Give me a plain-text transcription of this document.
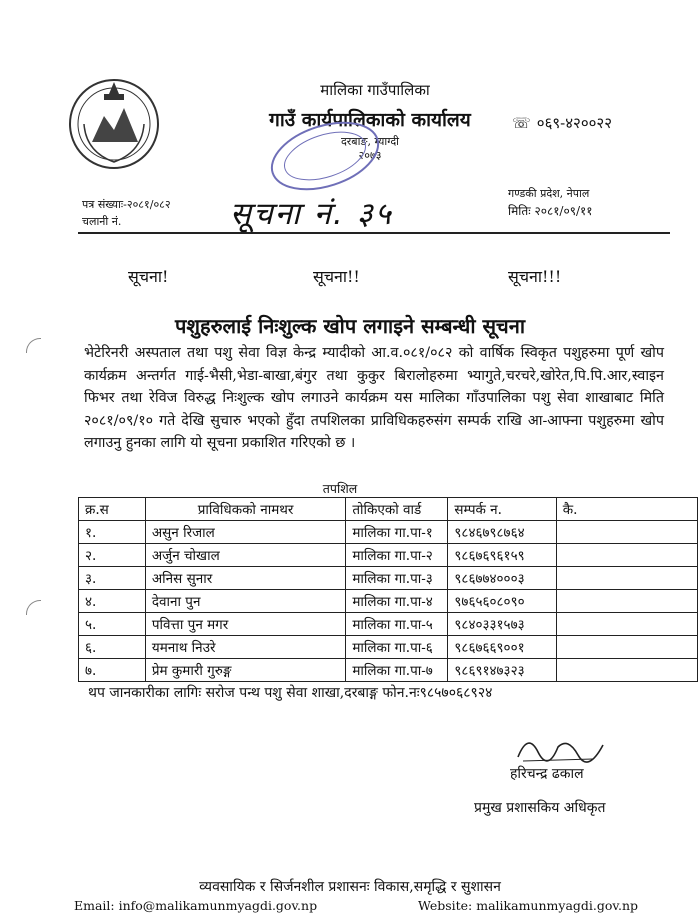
मालिका गाउँपालिका
गाउँ कार्यपालिकाको कार्यालय
दरबाङ, म्याग्दी
२०७३
☏ ०६९-४२००२२
पत्र संख्याः-२०८१/०८२
चलानी नं.	सूचना नं. ३५
गण्डकी प्रदेश, नेपाल
मितिः २०८१/०९/११
सूचना!	सूचना!!	सूचना!!!
पशुहरुलाई निःशुल्क खोप लगाइने सम्बन्धी सूचना
भेटेरिनरी अस्पताल तथा पशु सेवा विज्ञ केन्द्र म्यादीको आ.व.०८१/०८२ को वार्षिक स्विकृत पशुहरुमा पूर्ण खोप कार्यक्रम अन्तर्गत गाई-भैसी,भेडा-बाखा,बंगुर तथा कुकुर बिरालोहरुमा भ्यागुते,चरचरे,खोरेत,पि.पि.आर,स्वाइन फिभर तथा रेविज विरुद्ध निःशुल्क खोप लगाउने कार्यक्रम यस मालिका गाँउपालिका पशु सेवा शाखाबाट मिति २०८१/०९/१० गते देखि सुचारु भएको हुँदा तपशिलका प्राविधिकहरुसंग सम्पर्क राखि आ-आफ्ना पशुहरुमा खोप लगाउनु हुनका लागि यो सूचना प्रकाशित गरिएको छ ।
तपशिल
क्र.स	प्राविधिकको नामथर	तोकिएको वार्ड	सम्पर्क न.	कै.
१.	असुन रिजाल	मालिका गा.पा-१	९८४६७९८७६४	
२.	अर्जुन चोखाल	मालिका गा.पा-२	९८६७६९६१५९	
३.	अनिस सुनार	मालिका गा.पा-३	९८६७७४०००३	
४.	देवाना पुन	मालिका गा.पा-४	९७६५६०८०९०	
५.	पवित्ता पुन मगर	मालिका गा.पा-५	९८४०३३१५७३	
६.	यमनाथ निउरे	मालिका गा.पा-६	९८६७६६९००१	
७.	प्रेम कुमारी गुरुङ्ग	मालिका गा.पा-७	९८६९१४७३२३	
थप जानकारीका लागिः सरोज पन्थ पशु सेवा शाखा,दरबाङ्ग फोन.नः९८५७०६८९२४
हरिचन्द्र ढकाल
प्रमुख प्रशासकिय अधिकृत
व्यवसायिक र सिर्जनशील प्रशासनः विकास,समृद्धि र सुशासन
Email: info@malikamunmyagdi.gov.np	Website: malikamunmyagdi.gov.np
